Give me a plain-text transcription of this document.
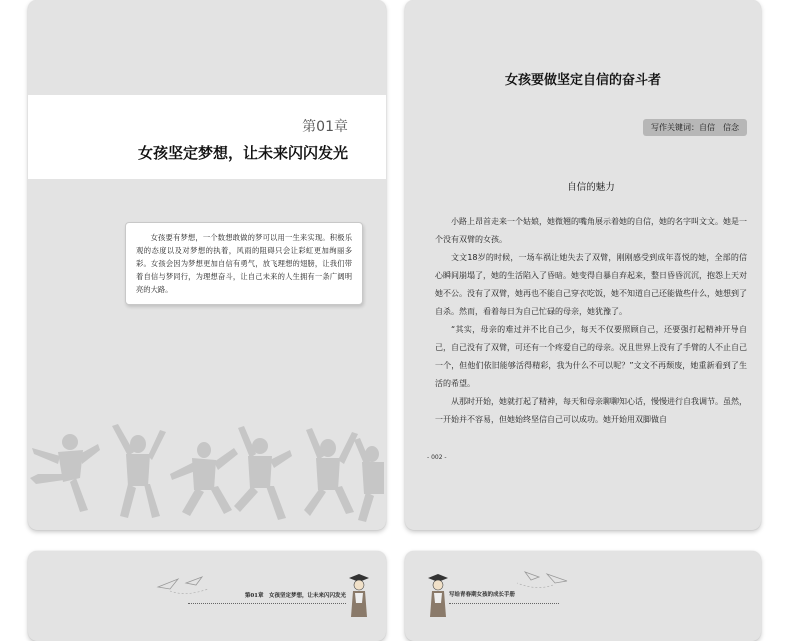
第01章
女孩坚定梦想，让未来闪闪发光

女孩要有梦想，一个数想敢做的梦可以用一生来实现。积极乐观的态度以及对梦想的执着，风雨的阻碍只会让彩虹更加绚丽多彩。女孩会因为梦想更加自信有勇气，放飞理想的翅膀，让我们带着自信与梦同行，为理想奋斗，让自己未来的人生拥有一条广阔明亮的大路。

女孩要做坚定自信的奋斗者
写作关键词：自信　信念
自信的魅力

小路上昂首走来一个姑娘，她微翘的嘴角展示着她的自信，她的名字叫文文。她是一个没有双臂的女孩。

文文18岁的时候，一场车祸让她失去了双臂，刚刚感受到成年喜悦的她，全部的信心瞬间崩塌了，她的生活陷入了昏暗。她变得自暴自弃起来，整日昏昏沉沉，抱怨上天对她不公。没有了双臂，她再也不能自己穿衣吃饭，她不知道自己还能做些什么，她想到了自杀。然而，看着每日为自己忙碌的母亲，她犹豫了。

“其实，母亲的难过并不比自己少，每天不仅要照顾自己，还要强打起精神开导自己，自己没有了双臂，可还有一个疼爱自己的母亲。况且世界上没有了手臂的人不止自己一个，但他们依旧能够活得精彩，我为什么不可以呢？”文文不再颓废，她重新看到了生活的希望。

从那时开始，她就打起了精神，每天和母亲聊聊知心话，慢慢进行自我调节。虽然，一开始并不容易，但她始终坚信自己可以成功。她开始用双脚做自

- 002 -
第01章　女孩坚定梦想，让未来闪闪发光	写给青春期女孩的成长手册
